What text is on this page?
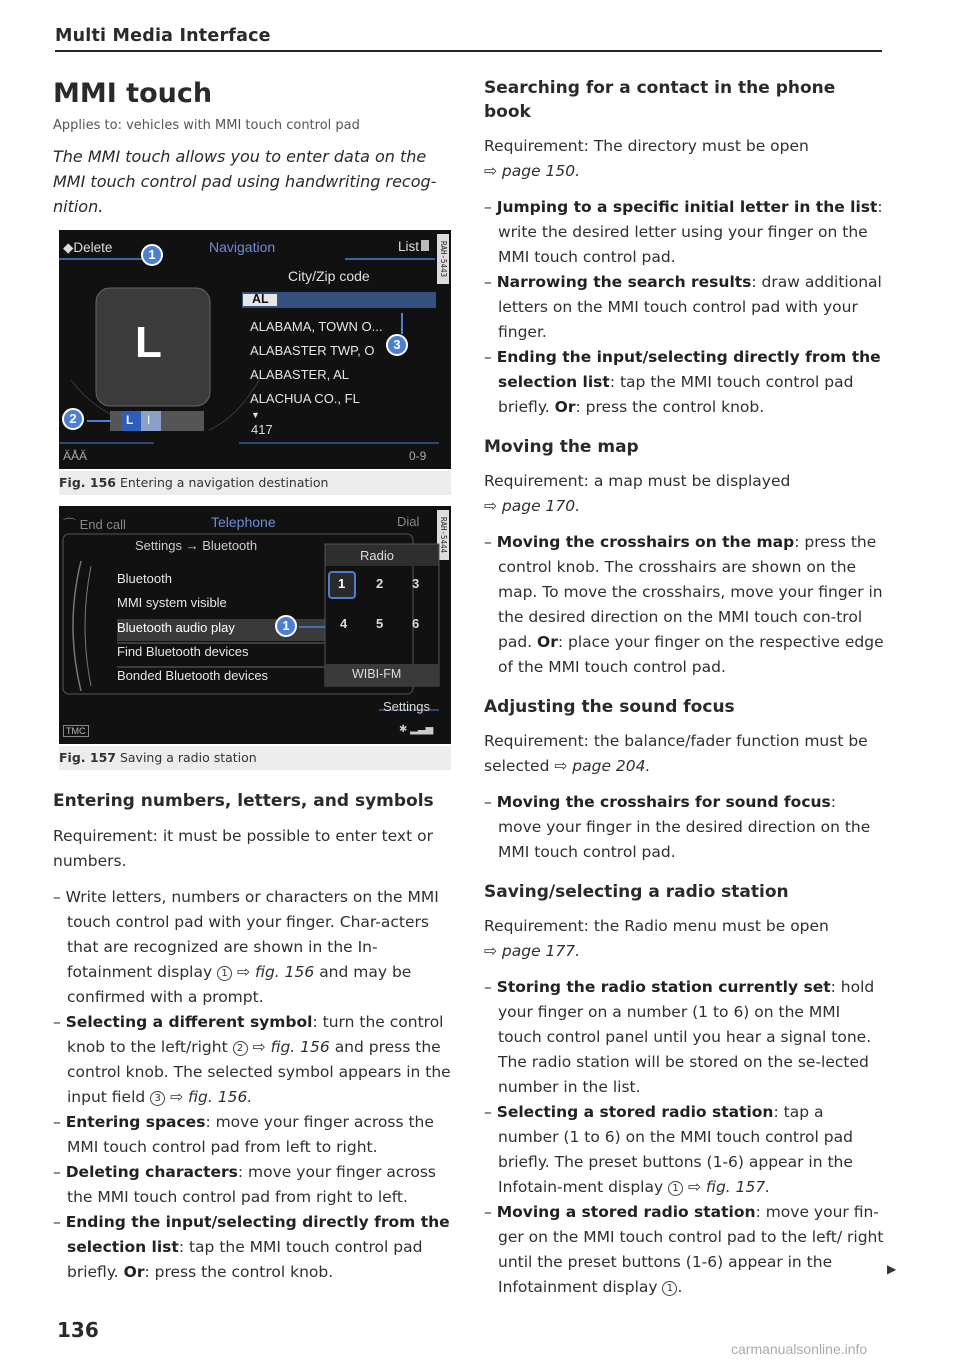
Multi Media Interface
MMI touch
Applies to: vehicles with MMI touch control pad
The MMI touch allows you to enter data on the MMI touch control pad using handwriting recog-nition.
RAH-5443
◆Delete	Navigation	List
City/Zip code
AL
L	ALABAMA, TOWN O...
ALABASTER TWP, O
ALABASTER, AL
ALACHUA CO., FL
▼
417
ÄÅÄ	0-9
L I
1
2
3
Fig. 156 Entering a navigation destination
RAH-5444
⌒ End call	Telephone	Dial
Settings → Bluetooth
Bluetooth
MMI system visible
Bluetooth audio play
Find Bluetooth devices
Bonded Bluetooth devices
Radio
1 2 3
4 5 6
WIBI-FM
Settings
TMC	✱ ▂▃▅
1
Fig. 157 Saving a radio station
Entering numbers, letters, and symbols
Requirement: it must be possible to enter text or numbers.
– Write letters, numbers or characters on the MMI touch control pad with your finger. Char-acters that are recognized are shown in the In-fotainment display 1 ⇨ fig. 156 and may be confirmed with a prompt.
– Selecting a different symbol: turn the control knob to the left/right 2 ⇨ fig. 156 and press the control knob. The selected symbol appears in the input field 3 ⇨ fig. 156.
– Entering spaces: move your finger across the MMI touch control pad from left to right.
– Deleting characters: move your finger across the MMI touch control pad from right to left.
– Ending the input/selecting directly from the selection list: tap the MMI touch control pad briefly. Or: press the control knob.
Searching for a contact in the phone book
Requirement: The directory must be open
⇨ page 150.
– Jumping to a specific initial letter in the list: write the desired letter using your finger on the MMI touch control pad.
– Narrowing the search results: draw additional letters on the MMI touch control pad with your finger.
– Ending the input/selecting directly from the selection list: tap the MMI touch control pad briefly. Or: press the control knob.
Moving the map
Requirement: a map must be displayed
⇨ page 170.
– Moving the crosshairs on the map: press the control knob. The crosshairs are shown on the map. To move the crosshairs, move your finger in the desired direction on the MMI touch con-trol pad. Or: place your finger on the respective edge of the MMI touch control pad.
Adjusting the sound focus
Requirement: the balance/fader function must be selected ⇨ page 204.
– Moving the crosshairs for sound focus: move your finger in the desired direction on the MMI touch control pad.
Saving/selecting a radio station
Requirement: the Radio menu must be open
⇨ page 177.
– Storing the radio station currently set: hold your finger on a number (1 to 6) on the MMI touch control panel until you hear a signal tone. The radio station will be stored on the se-lected number in the list.
– Selecting a stored radio station: tap a number (1 to 6) on the MMI touch control pad briefly. The preset buttons (1-6) appear in the Infotain-ment display 1 ⇨ fig. 157.
– Moving a stored radio station: move your fin-ger on the MMI touch control pad to the left/ right until the preset buttons (1-6) appear in the Infotainment display 1 .
▶
136
carmanualsonline.info
